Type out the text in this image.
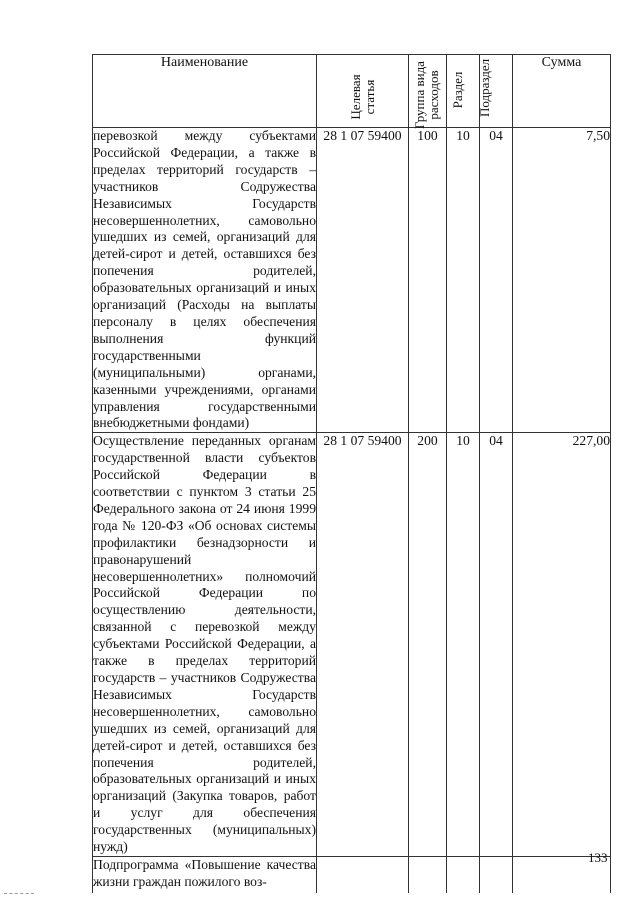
Наименование	Целевая статья	Группа вида расходов	Раздел	Подраздел	Сумма
перевозкой между субъектами Российской Федерации, а также в пределах территорий государств – участников Содружества Независимых Государств несовершеннолетних, самовольно ушедших из семей, организаций для детей-сирот и детей, оставшихся без попечения родителей, образовательных организаций и иных организаций (Расходы на выплаты персоналу в целях обеспечения выполнения функций государственными (муниципальными) органами, казенными учреждениями, органами управления государственными внебюджетными фондами)	28 1 07 59400	100	10	04	7,50
Осуществление переданных органам государственной власти субъектов Российской Федерации в соответствии с пунктом 3 статьи 25 Федерального закона от 24 июня 1999 года № 120-ФЗ «Об основах системы профилактики безнадзорности и правонарушений несовершеннолетних» полномочий Российской Федерации по осуществлению деятельности, связанной с перевозкой между субъектами Российской Федерации, а также в пределах территорий государств – участников Содружества Независимых Государств несовершеннолетних, самовольно ушедших из семей, организаций для детей-сирот и детей, оставшихся без попечения родителей, образовательных организаций и иных организаций (Закупка товаров, работ и услуг для обеспечения государственных (муниципальных) нужд)	28 1 07 59400	200	10	04	227,00
Подпрограмма «Повышение качества жизни граждан пожилого воз-					
133
